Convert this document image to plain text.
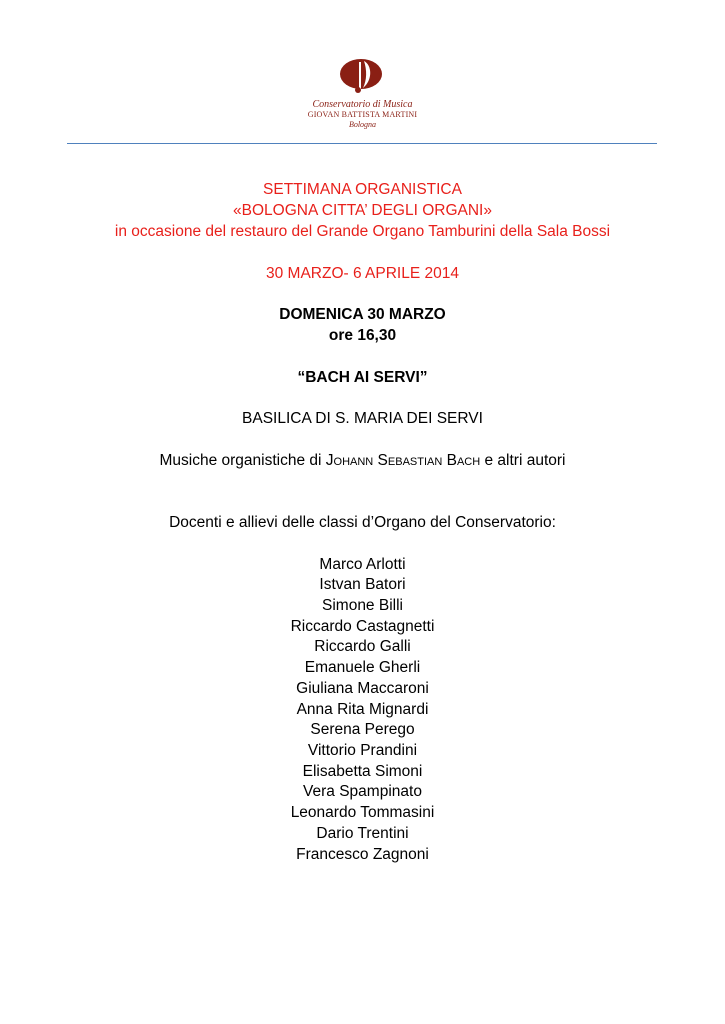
Conservatorio di Musica
GIOVAN BATTISTA MARTINI
Bologna
SETTIMANA ORGANISTICA
«BOLOGNA CITTA’ DEGLI ORGANI»
in occasione del restauro del Grande Organo Tamburini della Sala Bossi
30 MARZO- 6 APRILE 2014
DOMENICA 30 MARZO
ore 16,30
“BACH AI SERVI”
BASILICA DI S. MARIA DEI SERVI
Musiche organistiche di Johann Sebastian Bach e altri autori
Docenti e allievi delle classi d’Organo del Conservatorio:
Marco Arlotti
Istvan Batori
Simone Billi
Riccardo Castagnetti
Riccardo Galli
Emanuele Gherli
Giuliana Maccaroni
Anna Rita Mignardi
Serena Perego
Vittorio Prandini
Elisabetta Simoni
Vera Spampinato
Leonardo Tommasini
Dario Trentini
Francesco Zagnoni
